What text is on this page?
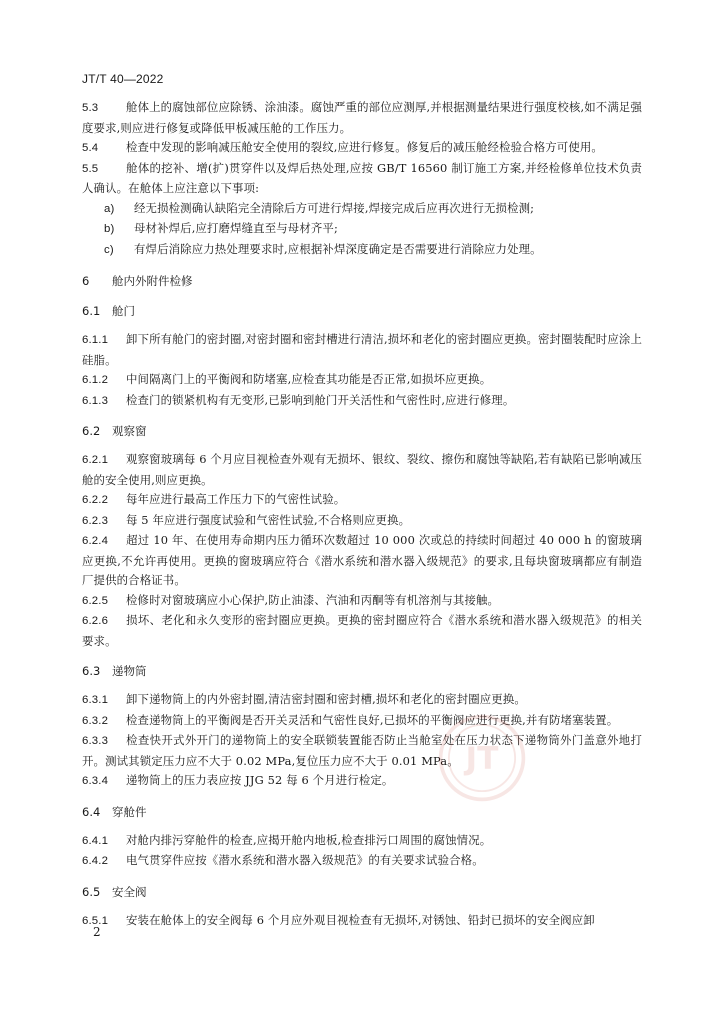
JT/T 40—2022

5.3 舱体上的腐蚀部位应除锈、涂油漆。腐蚀严重的部位应测厚,并根据测量结果进行强度校核,如不满足强度要求,则应进行修复或降低甲板减压舱的工作压力。

5.4 检查中发现的影响减压舱安全使用的裂纹,应进行修复。修复后的减压舱经检验合格方可使用。

5.5 舱体的挖补、增(扩)贯穿件以及焊后热处理,应按 GB/T 16560 制订施工方案,并经检修单位技术负责人确认。在舱体上应注意以下事项:

a) 经无损检测确认缺陷完全清除后方可进行焊接,焊接完成后应再次进行无损检测;

b) 母材补焊后,应打磨焊缝直至与母材齐平;

c) 有焊后消除应力热处理要求时,应根据补焊深度确定是否需要进行消除应力处理。

6 舱内外附件检修
6.1 舱门

6.1.1 卸下所有舱门的密封圈,对密封圈和密封槽进行清洁,损坏和老化的密封圈应更换。密封圈装配时应涂上硅脂。

6.1.2 中间隔离门上的平衡阀和防堵塞,应检查其功能是否正常,如损坏应更换。

6.1.3 检查门的锁紧机构有无变形,已影响到舱门开关活性和气密性时,应进行修理。

6.2 观察窗

6.2.1 观察窗玻璃每 6 个月应目视检查外观有无损坏、银纹、裂纹、擦伤和腐蚀等缺陷,若有缺陷已影响减压舱的安全使用,则应更换。

6.2.2 每年应进行最高工作压力下的气密性试验。

6.2.3 每 5 年应进行强度试验和气密性试验,不合格则应更换。

6.2.4 超过 10 年、在使用寿命期内压力循环次数超过 10 000 次或总的持续时间超过 40 000 h 的窗玻璃应更换,不允许再使用。更换的窗玻璃应符合《潜水系统和潜水器入级规范》的要求,且每块窗玻璃都应有制造厂提供的合格证书。

6.2.5 检修时对窗玻璃应小心保护,防止油漆、汽油和丙酮等有机溶剂与其接触。

6.2.6 损坏、老化和永久变形的密封圈应更换。更换的密封圈应符合《潜水系统和潜水器入级规范》的相关要求。

6.3 递物筒

6.3.1 卸下递物筒上的内外密封圈,清洁密封圈和密封槽,损坏和老化的密封圈应更换。

6.3.2 检查递物筒上的平衡阀是否开关灵活和气密性良好,已损坏的平衡阀应进行更换,并有防堵塞装置。

6.3.3 检查快开式外开门的递物筒上的安全联锁装置能否防止当舱室处在压力状态下递物筒外门盖意外地打开。测试其锁定压力应不大于 0.02 MPa,复位压力应不大于 0.01 MPa。

6.3.4 递物筒上的压力表应按 JJG 52 每 6 个月进行检定。

6.4 穿舱件

6.4.1 对舱内排污穿舱件的检查,应揭开舱内地板,检查排污口周围的腐蚀情况。

6.4.2 电气贯穿件应按《潜水系统和潜水器入级规范》的有关要求试验合格。

6.5 安全阀

6.5.1 安装在舱体上的安全阀每 6 个月应外观目视检查有无损坏,对锈蚀、铅封已损坏的安全阀应卸

JT
2
